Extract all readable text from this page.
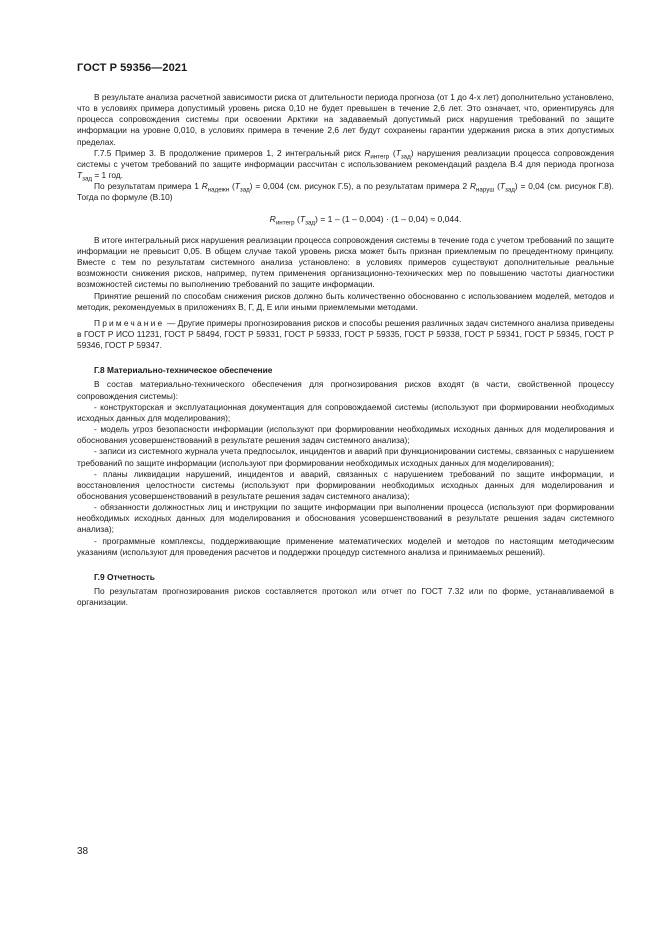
ГОСТ Р 59356—2021

В результате анализа расчетной зависимости риска от длительности периода прогноза (от 1 до 4-х лет) дополнительно установлено, что в условиях примера допустимый уровень риска 0,10 не будет превышен в течение 2,6 лет. Это означает, что, ориентируясь для процесса сопровождения системы при освоении Арктики на задаваемый допустимый риск нарушения требований по защите информации на уровне 0,010, в условиях примера в течение 2,6 лет будут сохранены гарантии удержания риска в этих допустимых пределах.

Г.7.5 Пример 3. В продолжение примеров 1, 2 интегральный риск $R_{интегр}$ $(T_{зад})$ нарушения реализации процесса сопровождения системы с учетом требований по защите информации рассчитан с использованием рекомендаций раздела В.4 для периода прогноза $T_{зад} = 1$ год.

По результатам примера 1 $R_{надежн}$ $(T_{зад}) = 0,004$ (см. рисунок Г.5), а по результатам примера 2 $R_{наруш}$ $(T_{зад}) = 0,04$ (см. рисунок Г.8). Тогда по формуле (В.10)

$R_{интегр}$ $(T_{зад}) = 1 - (1 - 0,004) \cdot (1 - 0,04) \approx 0,044$.

В итоге интегральный риск нарушения реализации процесса сопровождения системы в течение года с учетом требований по защите информации не превысит 0,05. В общем случае такой уровень риска может быть признан приемлемым по прецедентному принципу. Вместе с тем по результатам системного анализа установлено: в условиях примеров существуют дополнительные реальные возможности снижения рисков, например, путем применения организационно-технических мер по повышению частоты диагностики возможностей системы по выполнению требований по защите информации.

Принятие решений по способам снижения рисков должно быть количественно обоснованно с использованием моделей, методов и методик, рекомендуемых в приложениях В, Г, Д, Е или иными приемлемыми методами.

Примечание — Другие примеры прогнозирования рисков и способы решения различных задач системного анализа приведены в ГОСТ Р ИСО 11231, ГОСТ Р 58494, ГОСТ Р 59331, ГОСТ Р 59333, ГОСТ Р 59335, ГОСТ Р 59338, ГОСТ Р 59341, ГОСТ Р 59345, ГОСТ Р 59346, ГОСТ Р 59347.

Г.8 Материально-техническое обеспечение

В состав материально-технического обеспечения для прогнозирования рисков входят (в части, свойственной процессу сопровождения системы):

- конструкторская и эксплуатационная документация для сопровождаемой системы (используют при формировании необходимых исходных данных для моделирования);

- модель угроз безопасности информации (используют при формировании необходимых исходных данных для моделирования и обоснования усовершенствований в результате решения задач системного анализа);

- записи из системного журнала учета предпосылок, инцидентов и аварий при функционировании системы, связанных с нарушением требований по защите информации (используют при формировании необходимых исходных данных для моделирования);

- планы ликвидации нарушений, инцидентов и аварий, связанных с нарушением требований по защите информации, и восстановления целостности системы (используют при формировании необходимых исходных данных для моделирования и обоснования усовершенствований в результате решения задач системного анализа);

- обязанности должностных лиц и инструкции по защите информации при выполнении процесса (используют при формировании необходимых исходных данных для моделирования и обоснования усовершенствований в результате решения задач системного анализа);

- программные комплексы, поддерживающие применение математических моделей и методов по настоящим методическим указаниям (используют для проведения расчетов и поддержки процедур системного анализа и принимаемых решений).

Г.9 Отчетность

По результатам прогнозирования рисков составляется протокол или отчет по ГОСТ 7.32 или по форме, устанавливаемой в организации.

38
